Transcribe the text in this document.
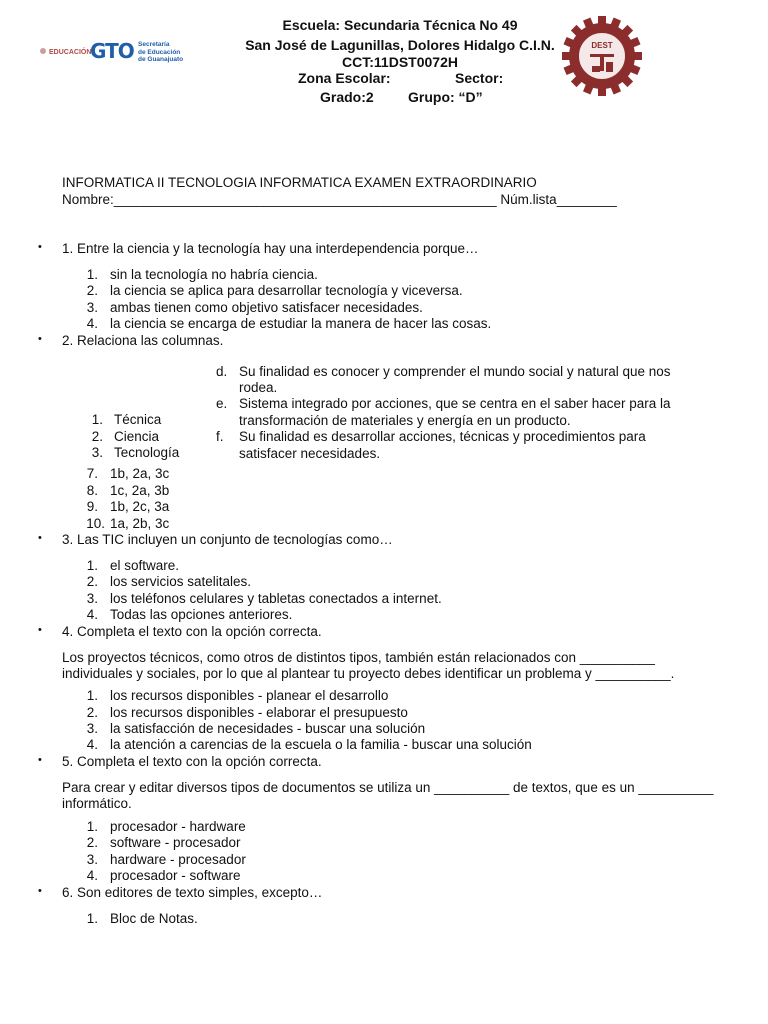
EDUCACIÓN
GTO Secretaría
de Educación
de Guanajuato
Escuela: Secundaria Técnica No 49
San José de Lagunillas, Dolores Hidalgo C.I.N.
CCT:11DST0072H
Zona Escolar:	Sector:
Grado:2 Grupo: “D”
DEST
INFORMATICA II TECNOLOGIA INFORMATICA EXAMEN EXTRAORDINARIO
Nombre:___________________________________________________ Núm.lista________
• 1. Entre la ciencia y la tecnología hay una interdependencia porque…
1. sin la tecnología no habría ciencia.
2. la ciencia se aplica para desarrollar tecnología y viceversa.
3. ambas tienen como objetivo satisfacer necesidades.
4. la ciencia se encarga de estudiar la manera de hacer las cosas.
• 2. Relaciona las columnas.
d. Su finalidad es conocer y comprender el mundo social y natural que nos
rodea.
e. Sistema integrado por acciones, que se centra en el saber hacer para la
transformación de materiales y energía en un producto.
f. Su finalidad es desarrollar acciones, técnicas y procedimientos para
satisfacer necesidades.
1. Técnica
2. Ciencia
3. Tecnología
7. 1b, 2a, 3c
8. 1c, 2a, 3b
9. 1b, 2c, 3a
10. 1a, 2b, 3c
• 3. Las TIC incluyen un conjunto de tecnologías como…
1. el software.
2. los servicios satelitales.
3. los teléfonos celulares y tabletas conectados a internet.
4. Todas las opciones anteriores.
• 4. Completa el texto con la opción correcta.
Los proyectos técnicos, como otros de distintos tipos, también están relacionados con __________
individuales y sociales, por lo que al plantear tu proyecto debes identificar un problema y __________.
1. los recursos disponibles - planear el desarrollo
2. los recursos disponibles - elaborar el presupuesto
3. la satisfacción de necesidades - buscar una solución
4. la atención a carencias de la escuela o la familia - buscar una solución
• 5. Completa el texto con la opción correcta.
Para crear y editar diversos tipos de documentos se utiliza un __________ de textos, que es un __________
informático.
1. procesador - hardware
2. software - procesador
3. hardware - procesador
4. procesador - software
• 6. Son editores de texto simples, excepto…
1. Bloc de Notas.
